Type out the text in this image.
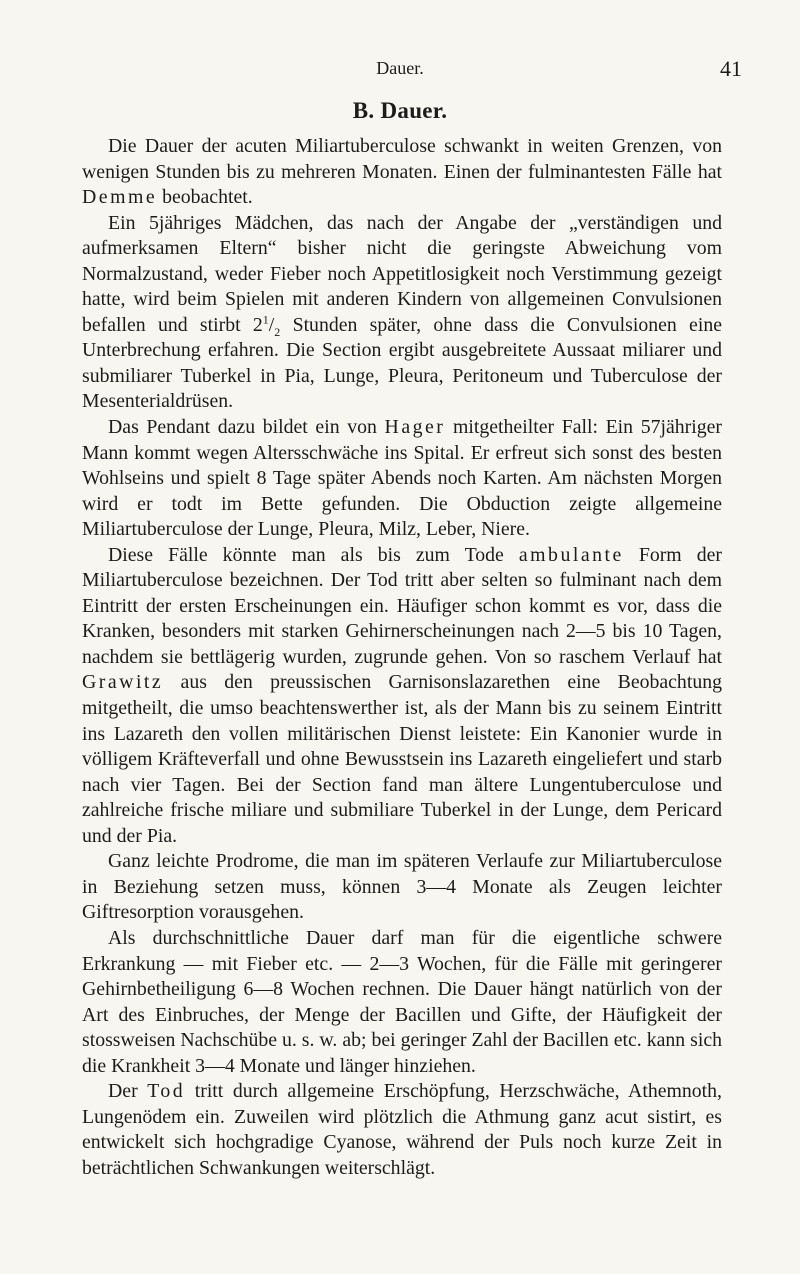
Dauer.	41
B. Dauer.

Die Dauer der acuten Miliartuberculose schwankt in weiten Grenzen, von wenigen Stunden bis zu mehreren Monaten. Einen der fulminantesten Fälle hat Demme beobachtet.

Ein 5jähriges Mädchen, das nach der Angabe der „verständigen und aufmerksamen Eltern“ bisher nicht die geringste Abweichung vom Normalzustand, weder Fieber noch Appetitlosigkeit noch Verstimmung gezeigt hatte, wird beim Spielen mit anderen Kindern von allgemeinen Convulsionen befallen und stirbt $2^1/_2$ Stunden später, ohne dass die Convulsionen eine Unterbrechung erfahren. Die Section ergibt ausgebreitete Aussaat miliarer und submiliarer Tuberkel in Pia, Lunge, Pleura, Peritoneum und Tuberculose der Mesenterialdrüsen.

Das Pendant dazu bildet ein von Hager mitgetheilter Fall: Ein 57jähriger Mann kommt wegen Altersschwäche ins Spital. Er erfreut sich sonst des besten Wohlseins und spielt 8 Tage später Abends noch Karten. Am nächsten Morgen wird er todt im Bette gefunden. Die Obduction zeigte allgemeine Miliartuberculose der Lunge, Pleura, Milz, Leber, Niere.

Diese Fälle könnte man als bis zum Tode ambulante Form der Miliartuberculose bezeichnen. Der Tod tritt aber selten so fulminant nach dem Eintritt der ersten Erscheinungen ein. Häufiger schon kommt es vor, dass die Kranken, besonders mit starken Gehirnerscheinungen nach 2—5 bis 10 Tagen, nachdem sie bettlägerig wurden, zugrunde gehen. Von so raschem Verlauf hat Grawitz aus den preussischen Garnisonslazarethen eine Beobachtung mitgetheilt, die umso beachtenswerther ist, als der Mann bis zu seinem Eintritt ins Lazareth den vollen militärischen Dienst leistete: Ein Kanonier wurde in völligem Kräfteverfall und ohne Bewusstsein ins Lazareth eingeliefert und starb nach vier Tagen. Bei der Section fand man ältere Lungentuberculose und zahlreiche frische miliare und submiliare Tuberkel in der Lunge, dem Pericard und der Pia.

Ganz leichte Prodrome, die man im späteren Verlaufe zur Miliartuberculose in Beziehung setzen muss, können 3—4 Monate als Zeugen leichter Giftresorption vorausgehen.

Als durchschnittliche Dauer darf man für die eigentliche schwere Erkrankung — mit Fieber etc. — 2—3 Wochen, für die Fälle mit geringerer Gehirnbetheiligung 6—8 Wochen rechnen. Die Dauer hängt natürlich von der Art des Einbruches, der Menge der Bacillen und Gifte, der Häufigkeit der stossweisen Nachschübe u. s. w. ab; bei geringer Zahl der Bacillen etc. kann sich die Krankheit 3—4 Monate und länger hinziehen.

Der Tod tritt durch allgemeine Erschöpfung, Herzschwäche, Athemnoth, Lungenödem ein. Zuweilen wird plötzlich die Athmung ganz acut sistirt, es entwickelt sich hochgradige Cyanose, während der Puls noch kurze Zeit in beträchtlichen Schwankungen weiterschlägt.
